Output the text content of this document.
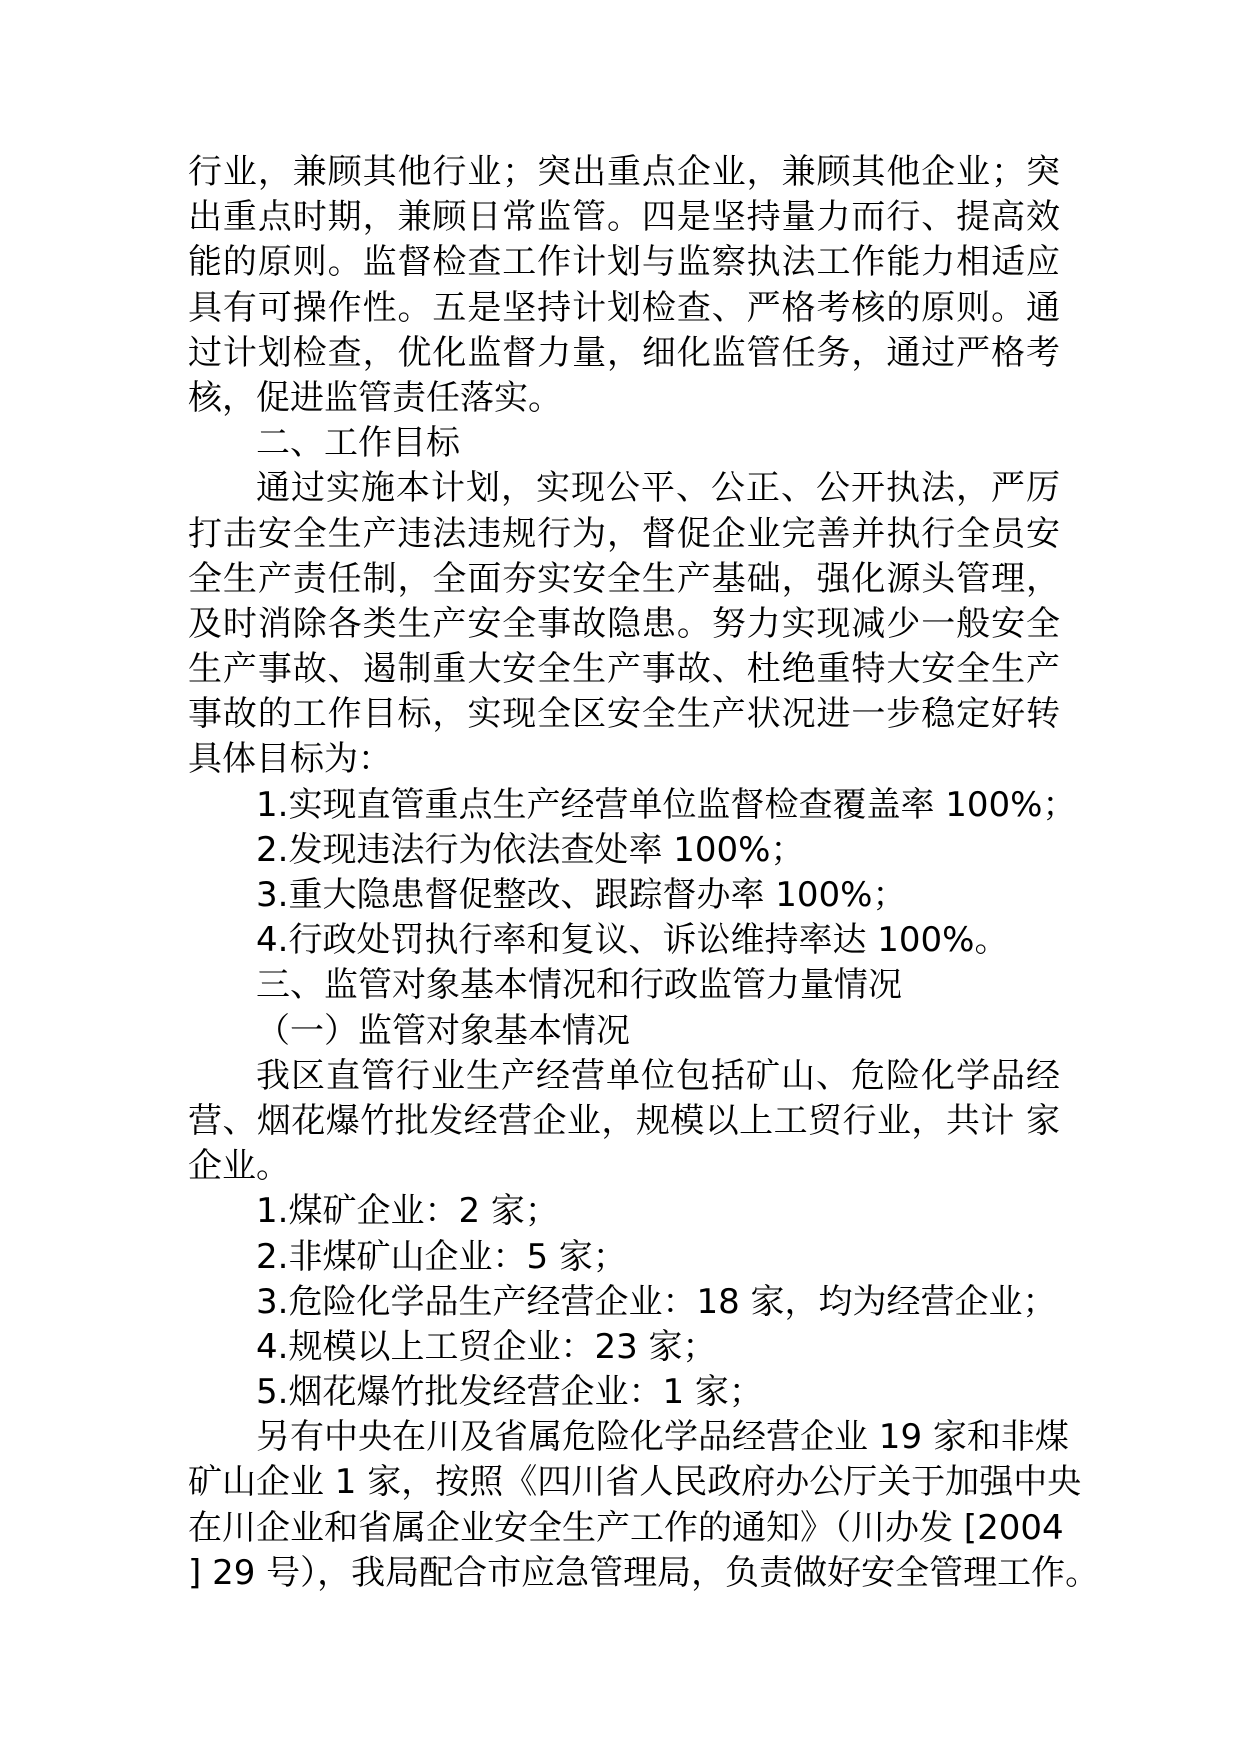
行业，兼顾其他行业；突出重点企业，兼顾其他企业；突
出重点时期，兼顾日常监管。四是坚持量力而行、提高效
能的原则。监督检查工作计划与监察执法工作能力相适应
具有可操作性。五是坚持计划检查、严格考核的原则。通
过计划检查，优化监督力量，细化监管任务，通过严格考
核，促进监管责任落实。
二、工作目标
通过实施本计划，实现公平、公正、公开执法，严厉
打击安全生产违法违规行为，督促企业完善并执行全员安
全生产责任制，全面夯实安全生产基础，强化源头管理，
及时消除各类生产安全事故隐患。努力实现减少一般安全
生产事故、遏制重大安全生产事故、杜绝重特大安全生产
事故的工作目标，实现全区安全生产状况进一步稳定好转
具体目标为：
1.实现直管重点生产经营单位监督检查覆盖率 100%；
2.发现违法行为依法查处率 100%；
3.重大隐患督促整改、跟踪督办率 100%；
4.行政处罚执行率和复议、诉讼维持率达 100%。
三、监管对象基本情况和行政监管力量情况
（一）监管对象基本情况
我区直管行业生产经营单位包括矿山、危险化学品经
营、烟花爆竹批发经营企业，规模以上工贸行业，共计 家
企业。
1.煤矿企业：2 家；
2.非煤矿山企业：5 家；
3.危险化学品生产经营企业：18 家，均为经营企业；
4.规模以上工贸企业：23 家；
5.烟花爆竹批发经营企业：1 家；
另有中央在川及省属危险化学品经营企业 19 家和非煤
矿山企业 1 家，按照《四川省人民政府办公厅关于加强中央
在川企业和省属企业安全生产工作的通知》（川办发 [2004
] 29 号），我局配合市应急管理局，负责做好安全管理工作。
